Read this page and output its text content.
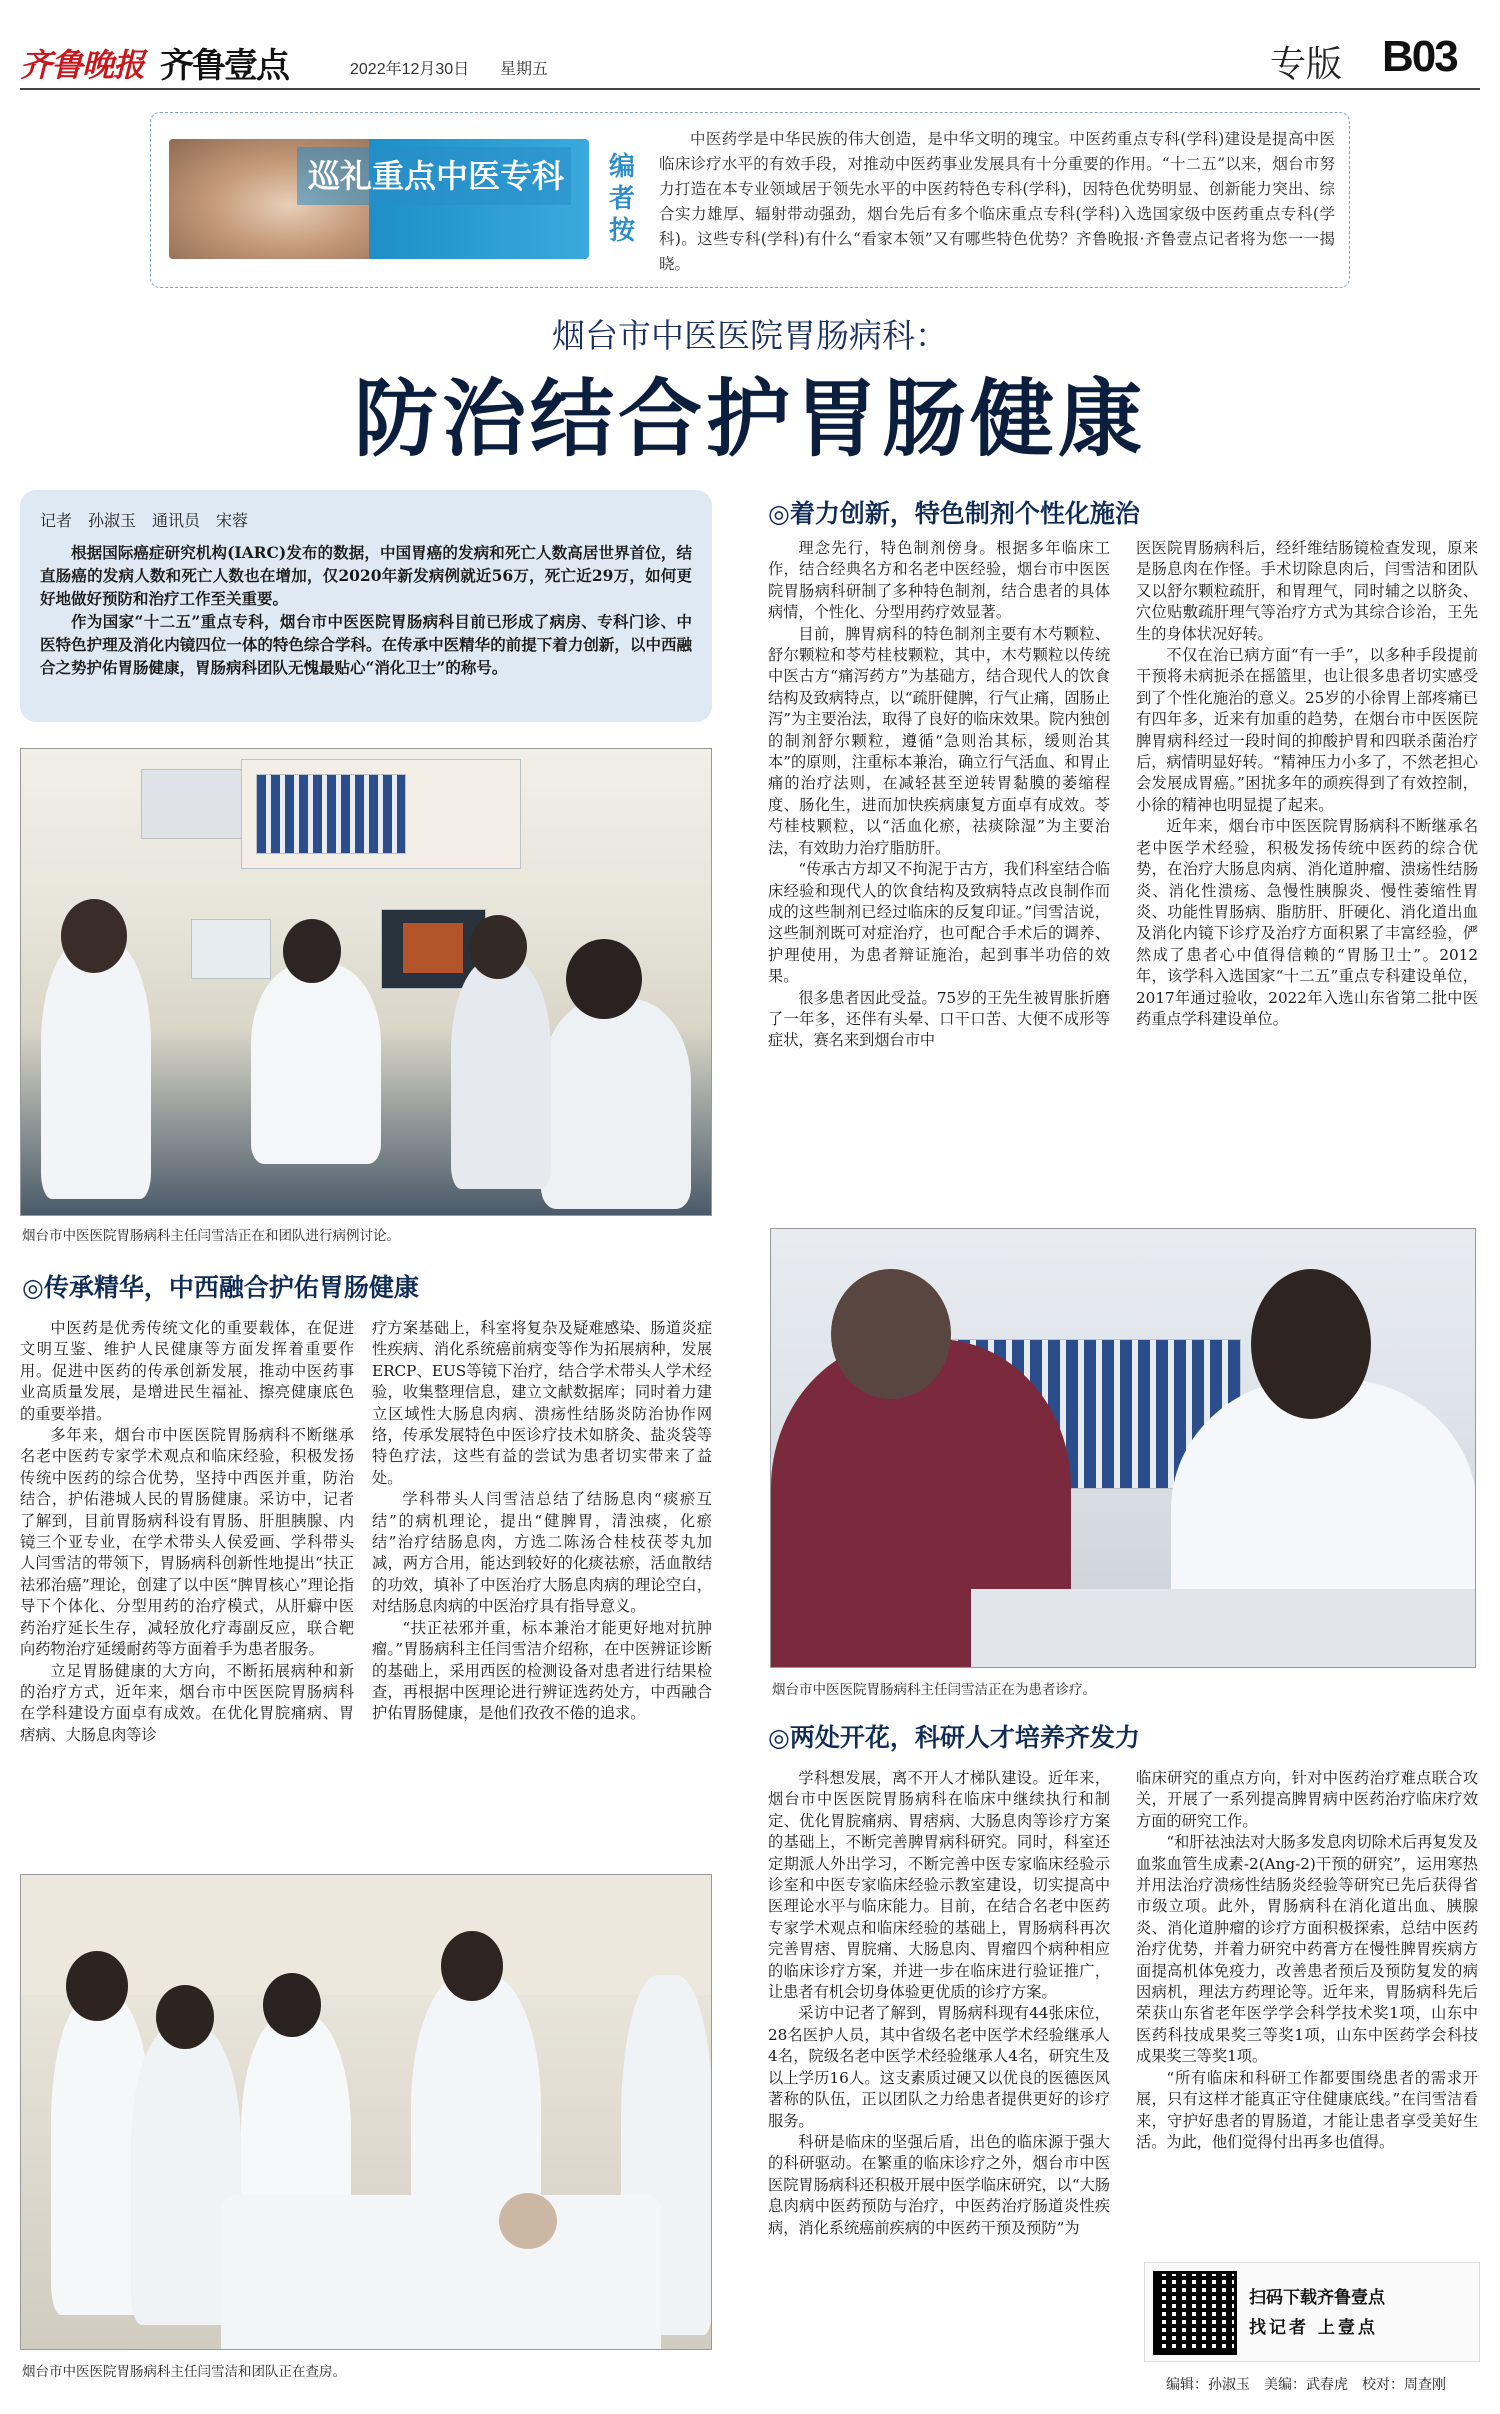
齐鲁晚报 齐鲁壹点	2022年12月30日 星期五	专版 B03
巡礼重点中医专科 编者按
中医药学是中华民族的伟大创造，是中华文明的瑰宝。中医药重点专科(学科)建设是提高中医临床诊疗水平的有效手段，对推动中医药事业发展具有十分重要的作用。“十二五”以来，烟台市努力打造在本专业领域居于领先水平的中医药特色专科(学科)，因特色优势明显、创新能力突出、综合实力雄厚、辐射带动强劲，烟台先后有多个临床重点专科(学科)入选国家级中医药重点专科(学科)。这些专科(学科)有什么“看家本领”又有哪些特色优势？齐鲁晚报·齐鲁壹点记者将为您一一揭晓。
烟台市中医医院胃肠病科：
防治结合护胃肠健康
记者　孙淑玉　通讯员　宋蓉

根据国际癌症研究机构(IARC)发布的数据，中国胃癌的发病和死亡人数高居世界首位，结直肠癌的发病人数和死亡人数也在增加，仅2020年新发病例就近56万，死亡近29万，如何更好地做好预防和治疗工作至关重要。

作为国家“十二五”重点专科，烟台市中医医院胃肠病科目前已形成了病房、专科门诊、中医特色护理及消化内镜四位一体的特色综合学科。在传承中医精华的前提下着力创新，以中西融合之势护佑胃肠健康，胃肠病科团队无愧最贴心“消化卫士”的称号。

烟台市中医医院胃肠病科主任闫雪洁正在和团队进行病例讨论。
◎传承精华，中西融合护佑胃肠健康

中医药是优秀传统文化的重要载体，在促进文明互鉴、维护人民健康等方面发挥着重要作用。促进中医药的传承创新发展，推动中医药事业高质量发展，是增进民生福祉、擦亮健康底色的重要举措。

多年来，烟台市中医医院胃肠病科不断继承名老中医药专家学术观点和临床经验，积极发扬传统中医药的综合优势，坚持中西医并重，防治结合，护佑港城人民的胃肠健康。采访中，记者了解到，目前胃肠病科设有胃肠、肝胆胰腺、内镜三个亚专业，在学术带头人侯爱画、学科带头人闫雪洁的带领下，胃肠病科创新性地提出“扶正祛邪治癌”理论，创建了以中医“脾胃核心”理论指导下个体化、分型用药的治疗模式，从肝癖中医药治疗延长生存，减轻放化疗毒副反应，联合靶向药物治疗延缓耐药等方面着手为患者服务。

立足胃肠健康的大方向，不断拓展病种和新的治疗方式，近年来，烟台市中医医院胃肠病科在学科建设方面卓有成效。在优化胃脘痛病、胃痞病、大肠息肉等诊

疗方案基础上，科室将复杂及疑难感染、肠道炎症性疾病、消化系统癌前病变等作为拓展病种，发展ERCP、EUS等镜下治疗，结合学术带头人学术经验，收集整理信息，建立文献数据库；同时着力建立区域性大肠息肉病、溃疡性结肠炎防治协作网络，传承发展特色中医诊疗技术如脐灸、盐炎袋等特色疗法，这些有益的尝试为患者切实带来了益处。

学科带头人闫雪洁总结了结肠息肉“痰瘀互结”的病机理论，提出“健脾胃，清浊痰，化瘀结”治疗结肠息肉，方选二陈汤合桂枝茯苓丸加减，两方合用，能达到较好的化痰祛瘀，活血散结的功效，填补了中医治疗大肠息肉病的理论空白，对结肠息肉病的中医治疗具有指导意义。

“扶正祛邪并重，标本兼治才能更好地对抗肿瘤。”胃肠病科主任闫雪洁介绍称，在中医辨证诊断的基础上，采用西医的检测设备对患者进行结果检查，再根据中医理论进行辨证选药处方，中西融合护佑胃肠健康，是他们孜孜不倦的追求。

烟台市中医医院胃肠病科主任闫雪洁和团队正在查房。
◎着力创新，特色制剂个性化施治

理念先行，特色制剂傍身。根据多年临床工作，结合经典名方和名老中医经验，烟台市中医医院胃肠病科研制了多种特色制剂，结合患者的具体病情，个性化、分型用药疗效显著。

目前，脾胃病科的特色制剂主要有木芍颗粒、舒尔颗粒和苓芍桂枝颗粒，其中，木芍颗粒以传统中医古方“痛泻药方”为基础方，结合现代人的饮食结构及致病特点，以“疏肝健脾，行气止痛，固肠止泻”为主要治法，取得了良好的临床效果。院内独创的制剂舒尔颗粒，遵循“急则治其标，缓则治其本”的原则，注重标本兼治，确立行气活血、和胃止痛的治疗法则，在减轻甚至逆转胃黏膜的萎缩程度、肠化生，进而加快疾病康复方面卓有成效。苓芍桂枝颗粒，以“活血化瘀，祛痰除湿”为主要治法，有效助力治疗脂肪肝。

“传承古方却又不拘泥于古方，我们科室结合临床经验和现代人的饮食结构及致病特点改良制作而成的这些制剂已经过临床的反复印证。”闫雪洁说，这些制剂既可对症治疗，也可配合手术后的调养、护理使用，为患者辩证施治，起到事半功倍的效果。

很多患者因此受益。75岁的王先生被胃胀折磨了一年多，还伴有头晕、口干口苦、大便不成形等症状，赛名来到烟台市中

医医院胃肠病科后，经纤维结肠镜检查发现，原来是肠息肉在作怪。手术切除息肉后，闫雪洁和团队又以舒尔颗粒疏肝，和胃理气，同时辅之以脐灸、穴位贴敷疏肝理气等治疗方式为其综合诊治，王先生的身体状况好转。

不仅在治已病方面“有一手”，以多种手段提前干预将未病扼杀在摇篮里，也让很多患者切实感受到了个性化施治的意义。25岁的小徐胃上部疼痛已有四年多，近来有加重的趋势，在烟台市中医医院脾胃病科经过一段时间的抑酸护胃和四联杀菌治疗后，病情明显好转。“精神压力小多了，不然老担心会发展成胃癌。”困扰多年的顽疾得到了有效控制，小徐的精神也明显提了起来。

近年来，烟台市中医医院胃肠病科不断继承名老中医学术经验，积极发扬传统中医药的综合优势，在治疗大肠息肉病、消化道肿瘤、溃疡性结肠炎、消化性溃疡、急慢性胰腺炎、慢性萎缩性胃炎、功能性胃肠病、脂肪肝、肝硬化、消化道出血及消化内镜下诊疗及治疗方面积累了丰富经验，俨然成了患者心中值得信赖的“胃肠卫士”。2012年，该学科入选国家“十二五”重点专科建设单位，2017年通过验收，2022年入选山东省第二批中医药重点学科建设单位。

烟台市中医医院胃肠病科主任闫雪洁正在为患者诊疗。
◎两处开花，科研人才培养齐发力

学科想发展，离不开人才梯队建设。近年来，烟台市中医医院胃肠病科在临床中继续执行和制定、优化胃脘痛病、胃痞病、大肠息肉等诊疗方案的基础上，不断完善脾胃病科研究。同时，科室还定期派人外出学习，不断完善中医专家临床经验示诊室和中医专家临床经验示教室建设，切实提高中医理论水平与临床能力。目前，在结合名老中医药专家学术观点和临床经验的基础上，胃肠病科再次完善胃痞、胃脘痛、大肠息肉、胃瘤四个病种相应的临床诊疗方案，并进一步在临床进行验证推广，让患者有机会切身体验更优质的诊疗方案。

采访中记者了解到，胃肠病科现有44张床位，28名医护人员，其中省级名老中医学术经验继承人4名，院级名老中医学术经验继承人4名，研究生及以上学历16人。这支素质过硬又以优良的医德医风著称的队伍，正以团队之力给患者提供更好的诊疗服务。

科研是临床的坚强后盾，出色的临床源于强大的科研驱动。在繁重的临床诊疗之外，烟台市中医医院胃肠病科还积极开展中医学临床研究，以“大肠息肉病中医药预防与治疗，中医药治疗肠道炎性疾病，消化系统癌前疾病的中医药干预及预防”为

临床研究的重点方向，针对中医药治疗难点联合攻关，开展了一系列提高脾胃病中医药治疗临床疗效方面的研究工作。

“和肝祛浊法对大肠多发息肉切除术后再复发及血浆血管生成素-2(Ang-2)干预的研究”，运用寒热并用法治疗溃疡性结肠炎经验等研究已先后获得省市级立项。此外，胃肠病科在消化道出血、胰腺炎、消化道肿瘤的诊疗方面积极探索，总结中医药治疗优势，并着力研究中药膏方在慢性脾胃疾病方面提高机体免疫力，改善患者预后及预防复发的病因病机，理法方药理论等。近年来，胃肠病科先后荣获山东省老年医学学会科学技术奖1项，山东中医药科技成果奖三等奖1项，山东中医药学会科技成果奖三等奖1项。

“所有临床和科研工作都要围绕患者的需求开展，只有这样才能真正守住健康底线。”在闫雪洁看来，守护好患者的胃肠道，才能让患者享受美好生活。为此，他们觉得付出再多也值得。

扫码下载齐鲁壹点
找记者 上壹点
编辑：孙淑玉　美编：武春虎　校对：周查刚
